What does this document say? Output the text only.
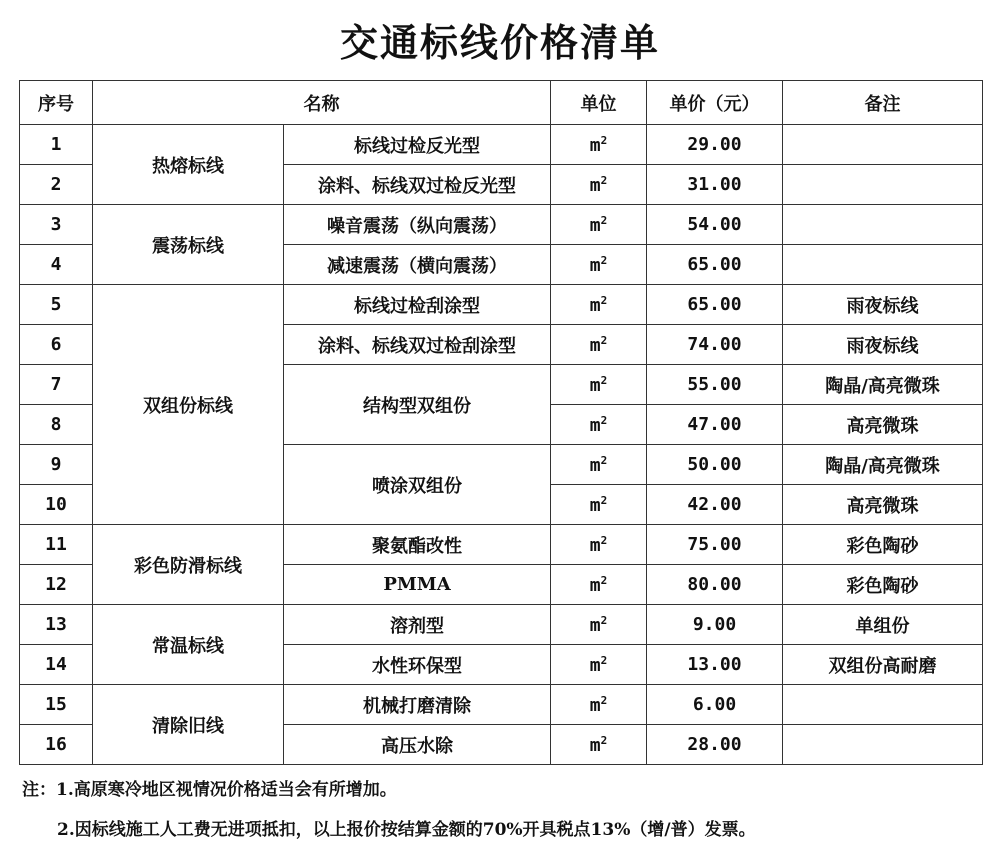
交通标线价格清单
序号	名称		单位	单价（元）	备注
1	热熔标线	标线过检反光型	$m^2$	29.00	
2		涂料、标线双过检反光型	$m^2$	31.00	
3	震荡标线	噪音震荡（纵向震荡）	$m^2$	54.00	
4		减速震荡（横向震荡）	$m^2$	65.00	
5	双组份标线	标线过检刮涂型	$m^2$	65.00	雨夜标线
6		涂料、标线双过检刮涂型	$m^2$	74.00	雨夜标线
7		结构型双组份	$m^2$	55.00	陶晶/高亮微珠
8			$m^2$	47.00	高亮微珠
9		喷涂双组份	$m^2$	50.00	陶晶/高亮微珠
10			$m^2$	42.00	高亮微珠
11	彩色防滑标线	聚氨酯改性	$m^2$	75.00	彩色陶砂
12		PMMA	$m^2$	80.00	彩色陶砂
13	常温标线	溶剂型	$m^2$	9.00	单组份
14		水性环保型	$m^2$	13.00	双组份高耐磨
15	清除旧线	机械打磨清除	$m^2$	6.00	
16		高压水除	$m^2$	28.00	
注：1.高原寒冷地区视情况价格适当会有所增加。
2.因标线施工人工费无进项抵扣，以上报价按结算金额的70%开具税点13%（增/普）发票。
